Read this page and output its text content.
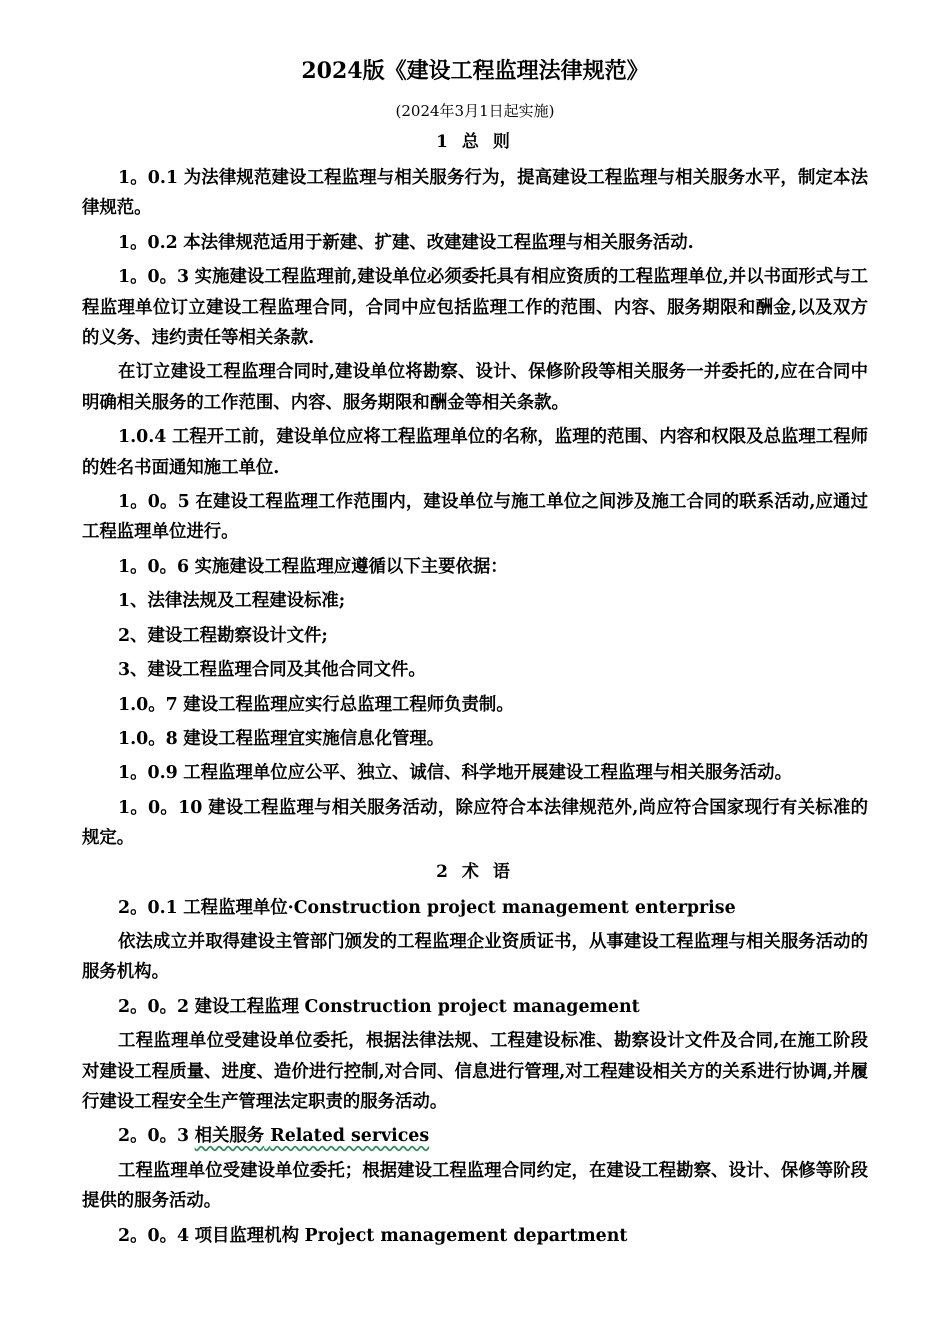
2024版《建设工程监理法律规范》
(2024年3月1日起实施)
1 总 则

1。0.1 为法律规范建设工程监理与相关服务行为，提高建设工程监理与相关服务水平，制定本法律规范。

1。0.2 本法律规范适用于新建、扩建、改建建设工程监理与相关服务活动.

1。0。3 实施建设工程监理前,建设单位必须委托具有相应资质的工程监理单位,并以书面形式与工程监理单位订立建设工程监理合同，合同中应包括监理工作的范围、内容、服务期限和酬金,以及双方的义务、违约责任等相关条款.

在订立建设工程监理合同时,建设单位将勘察、设计、保修阶段等相关服务一并委托的,应在合同中明确相关服务的工作范围、内容、服务期限和酬金等相关条款。

1.0.4 工程开工前，建设单位应将工程监理单位的名称，监理的范围、内容和权限及总监理工程师的姓名书面通知施工单位.

1。0。5 在建设工程监理工作范围内，建设单位与施工单位之间涉及施工合同的联系活动,应通过工程监理单位进行。

1。0。6 实施建设工程监理应遵循以下主要依据：

1、法律法规及工程建设标准;

2、建设工程勘察设计文件;

3、建设工程监理合同及其他合同文件。

1.0。7 建设工程监理应实行总监理工程师负责制。

1.0。8 建设工程监理宜实施信息化管理。

1。0.9 工程监理单位应公平、独立、诚信、科学地开展建设工程监理与相关服务活动。

1。0。10 建设工程监理与相关服务活动，除应符合本法律规范外,尚应符合国家现行有关标准的规定。

2 术 语

2。0.1 工程监理单位·Construction project management enterprise

依法成立并取得建设主管部门颁发的工程监理企业资质证书，从事建设工程监理与相关服务活动的服务机构。

2。0。2 建设工程监理 Construction project management

工程监理单位受建设单位委托，根据法律法规、工程建设标准、勘察设计文件及合同,在施工阶段对建设工程质量、进度、造价进行控制,对合同、信息进行管理,对工程建设相关方的关系进行协调,并履行建设工程安全生产管理法定职责的服务活动。

2。0。3 相关服务 Related services

工程监理单位受建设单位委托；根据建设工程监理合同约定，在建设工程勘察、设计、保修等阶段提供的服务活动。

2。0。4 项目监理机构 Project management department
